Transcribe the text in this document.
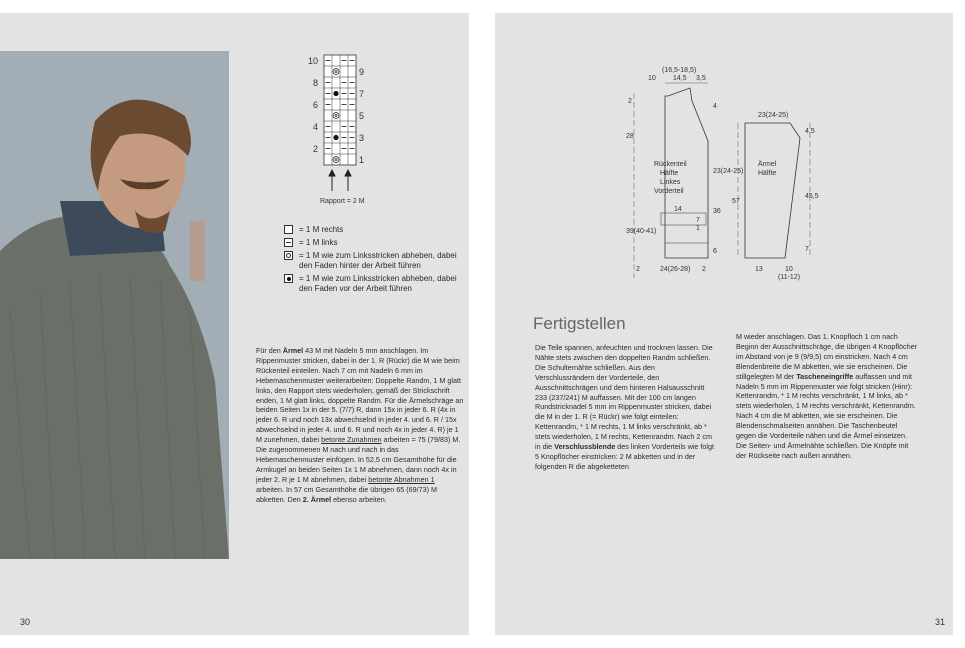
10
8
6
4
2
9
7
5
3
1
Rapport = 2 M
= 1 M rechts
= 1 M links
= 1 M wie zum Linksstricken abheben, dabei den Faden hinter der Arbeit führen
= 1 M wie zum Linksstricken abheben, dabei den Faden vor der Arbeit führen
Für den Ärmel 43 M mit Nadeln 5 mm anschlagen. Im Rippenmuster stricken, dabei in der 1. R (Rückr) die M wie beim Rückenteil einteilen. Nach 7 cm mit Nadeln 6 mm im Hebemaschenmuster weiterarbeiten: Doppelte Randm, 1 M glatt links, den Rapport stets wiederholen, gemäß der Strickschrift enden, 1 M glatt links, doppelte Randm. Für die Ärmelschräge an beiden Seiten 1x in der 5. (7/7) R, dann 15x in jeder 6. R (4x in jeder 6. R und noch 13x abwechselnd in jeder 4. und 6. R / 15x abwechselnd in jeder 4. und 6. R und noch 4x in jeder 4. R) je 1 M zunehmen, dabei betonte Zunahmen arbeiten = 75 (79/83) M. Die zugenommenen M nach und nach in das Hebemaschenmuster einfügen. In 52,5 cm Gesamthöhe für die Armkugel an beiden Seiten 1x 1 M abnehmen, dann noch 4x in jeder 2. R je 1 M abnehmen, dabei betonte Abnahmen 1 arbeiten. In 57 cm Gesamthöhe die übrigen 65 (69/73) M abketten. Den 2. Ärmel ebenso arbeiten.
30
(16,5-18,5)
10 14,5 3,5
2
28
39(40-41)
23(24-25)
4
36
6
2	24(26-28) 2
14
7
1
Rückenteil
Hälfte
Linkes
Vorderteil
23(24-25)
4,5
57
45,5
7
Ärmel
Hälfte
13	10
(11-12)
Fertigstellen
Die Teile spannen, anfeuchten und trocknen lassen. Die Nähte stets zwischen den doppelten Randm schließen. Die Schulternähte schließen. Aus den Verschlussrändern der Vorderteile, den Ausschnittschrägen und dem hinteren Halsausschnitt 233 (237/241) M auffassen. Mit der 100 cm langen Rundstricknadel 5 mm im Rippenmuster stricken, dabei die M in der 1. R (= Rückr) wie folgt einteilen: Kettenrandm, * 1 M rechts, 1 M links verschränkt, ab * stets wiederholen, 1 M rechts, Kettenrandm. Nach 2 cm in die Verschlussblende des linken Vorderteils wie folgt 5 Knopflöcher einstricken: 2 M abketten und in der folgenden R die abgeketteten
M wieder anschlagen. Das 1. Knopfloch 1 cm nach Beginn der Ausschnittschräge, die übrigen 4 Knopflöcher im Abstand von je 9 (9/9,5) cm einstricken. Nach 4 cm Blendenbreite die M abketten, wie sie erscheinen. Die stillgelegten M der Tascheneingriffe auffassen und mit Nadeln 5 mm im Rippenmuster wie folgt stricken (Hinr): Kettenrandm, * 1 M rechts verschränkt, 1 M links, ab * stets wiederholen, 1 M rechts verschränkt, Kettenrandm. Nach 4 cm die M abketten, wie sie erscheinen. Die Blendenschmalseiten annähen. Die Taschenbeutel gegen die Vorderteile nähen und die Ärmel einsetzen. Die Seiten- und Ärmelnähte schließen. Die Knöpfe mit der Rückseite nach außen annähen.
31
